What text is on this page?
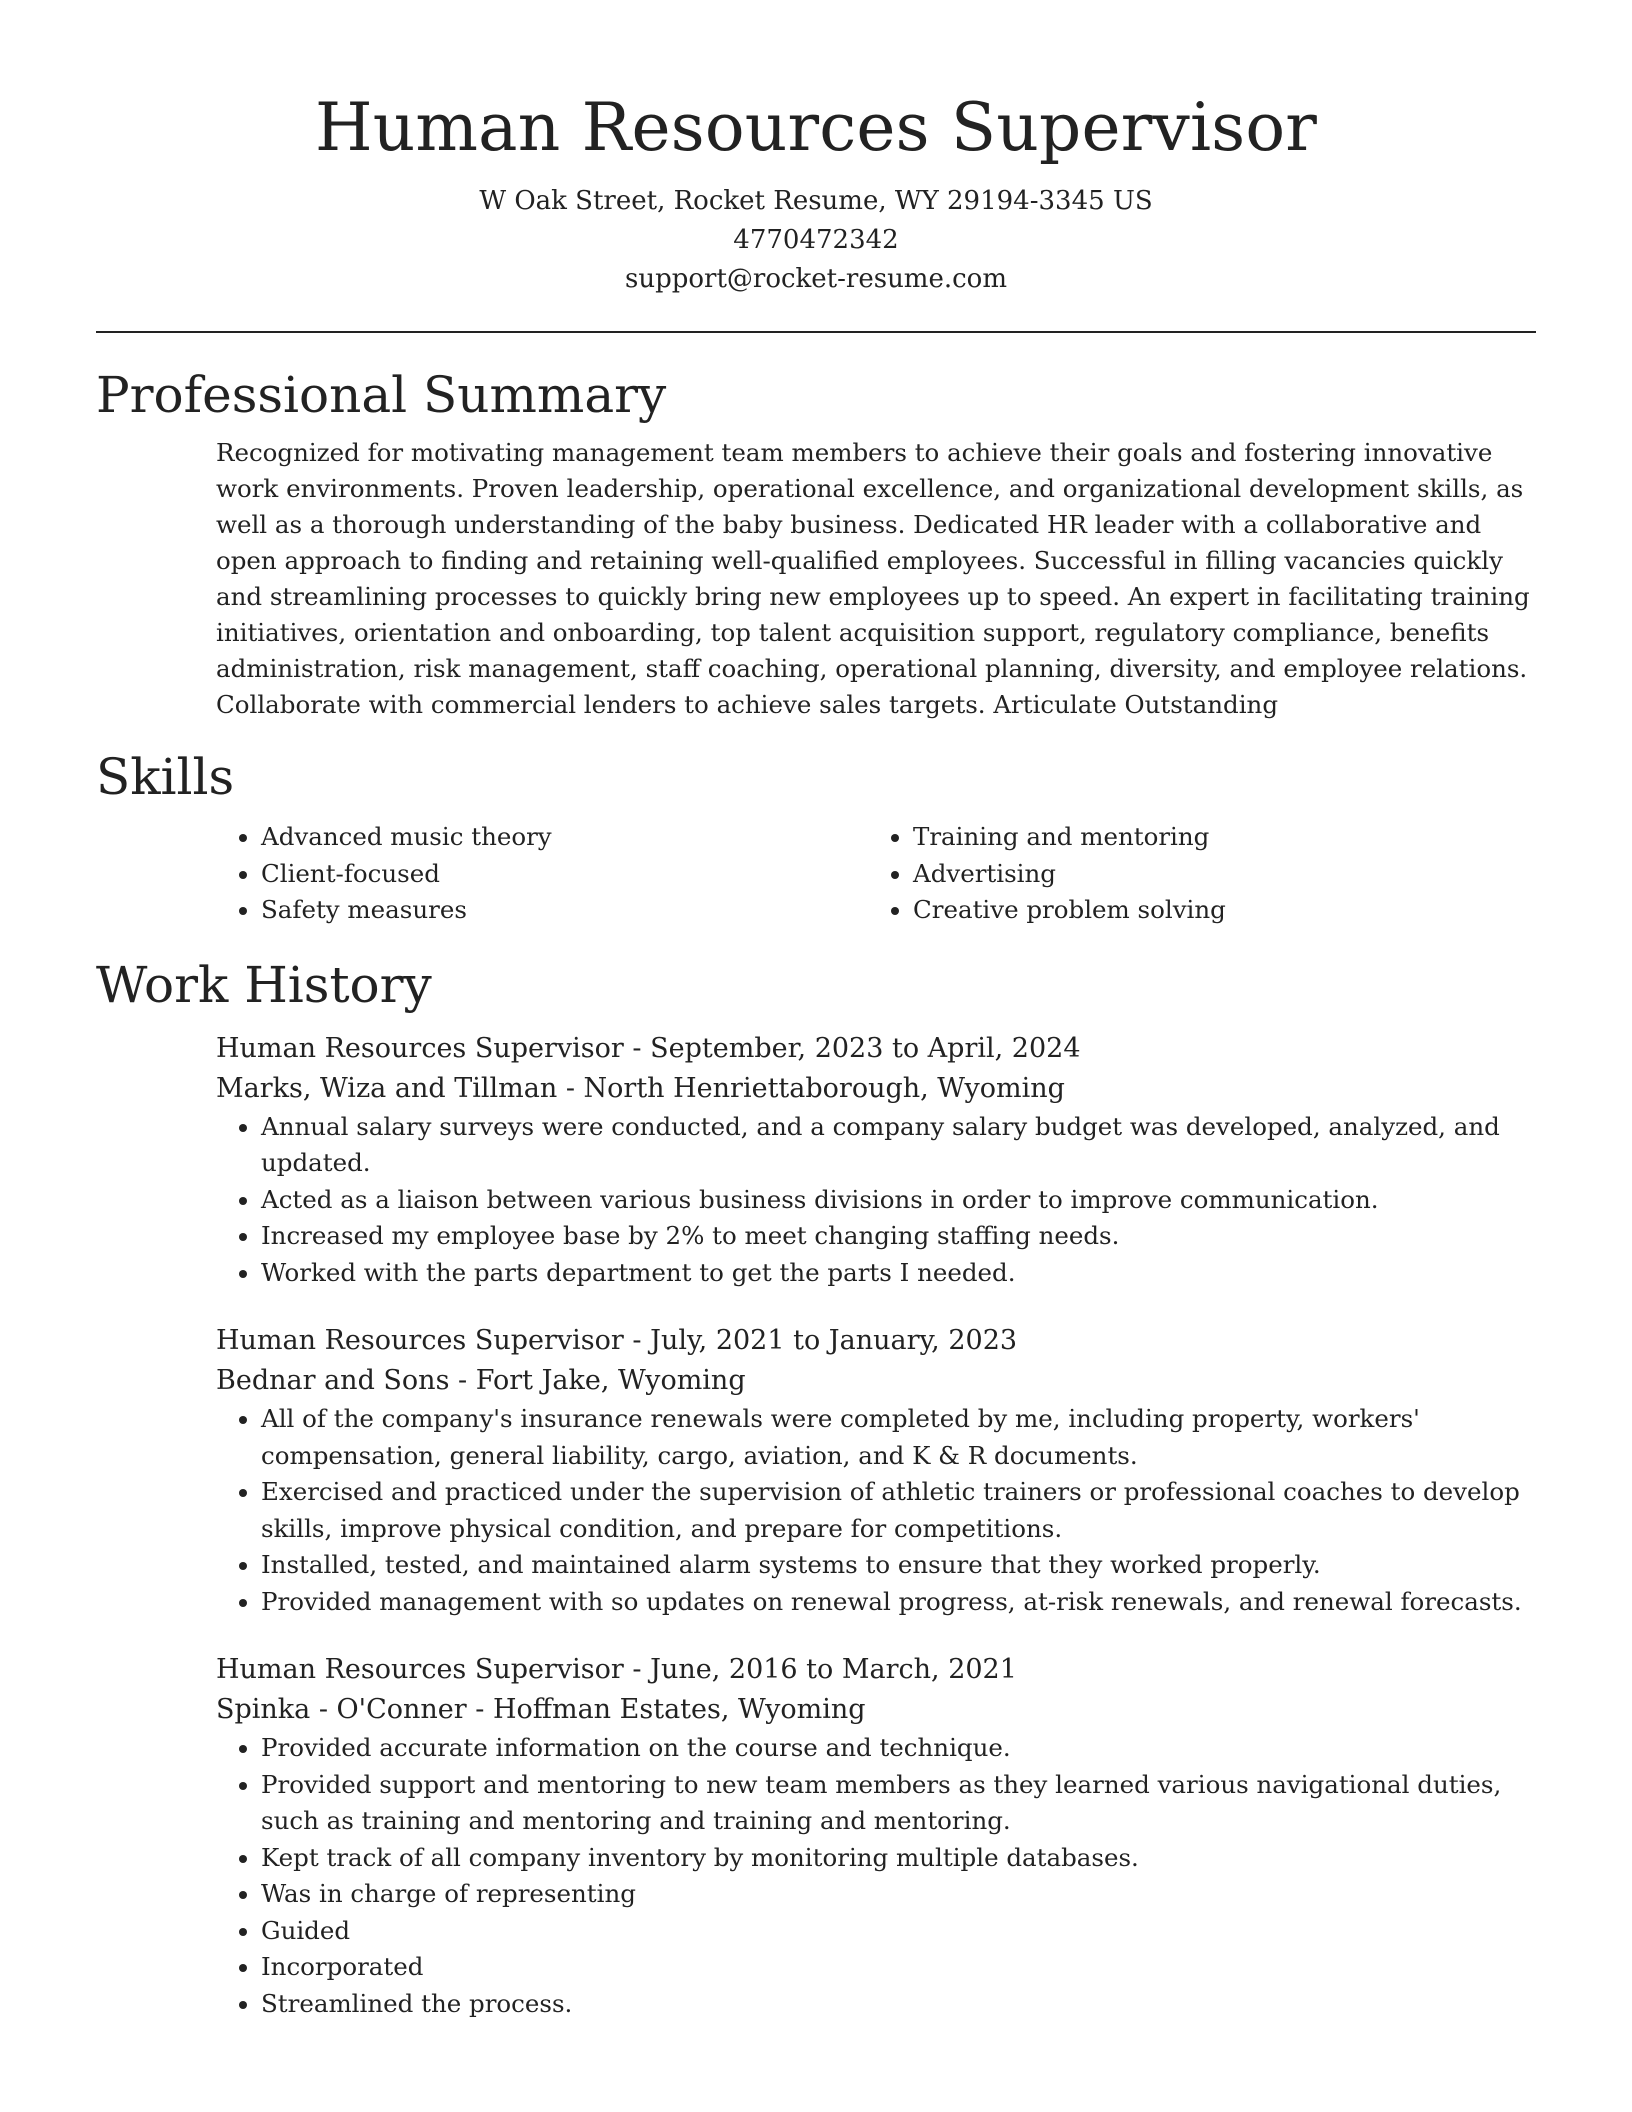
Human Resources Supervisor

W Oak Street, Rocket Resume, WY 29194-3345 US

4770472342

support@rocket-resume.com

Professional Summary

Recognized for motivating management team members to achieve their goals and fostering innovative work environments. Proven leadership, operational excellence, and organizational development skills, as well as a thorough understanding of the baby business. Dedicated HR leader with a collaborative and open approach to finding and retaining well-qualified employees. Successful in filling vacancies quickly and streamlining processes to quickly bring new employees up to speed. An expert in facilitating training initiatives, orientation and onboarding, top talent acquisition support, regulatory compliance, benefits administration, risk management, staff coaching, operational planning, diversity, and employee relations. Collaborate with commercial lenders to achieve sales targets. Articulate Outstanding

Skills
• Advanced music theory
• Client-focused
• Safety measures
• Training and mentoring
• Advertising
• Creative problem solving
Work History

Human Resources Supervisor - September, 2023 to April, 2024

Marks, Wiza and Tillman - North Henriettaborough, Wyoming

• Annual salary surveys were conducted, and a company salary budget was developed, analyzed, and updated.
• Acted as a liaison between various business divisions in order to improve communication.
• Increased my employee base by 2% to meet changing staffing needs.
• Worked with the parts department to get the parts I needed.

Human Resources Supervisor - July, 2021 to January, 2023

Bednar and Sons - Fort Jake, Wyoming

• All of the company's insurance renewals were completed by me, including property, workers' compensation, general liability, cargo, aviation, and K & R documents.
• Exercised and practiced under the supervision of athletic trainers or professional coaches to develop skills, improve physical condition, and prepare for competitions.
• Installed, tested, and maintained alarm systems to ensure that they worked properly.
• Provided management with so updates on renewal progress, at-risk renewals, and renewal forecasts.

Human Resources Supervisor - June, 2016 to March, 2021

Spinka - O'Conner - Hoffman Estates, Wyoming

• Provided accurate information on the course and technique.
• Provided support and mentoring to new team members as they learned various navigational duties, such as training and mentoring and training and mentoring.
• Kept track of all company inventory by monitoring multiple databases.
• Was in charge of representing
• Guided
• Incorporated
• Streamlined the process.
